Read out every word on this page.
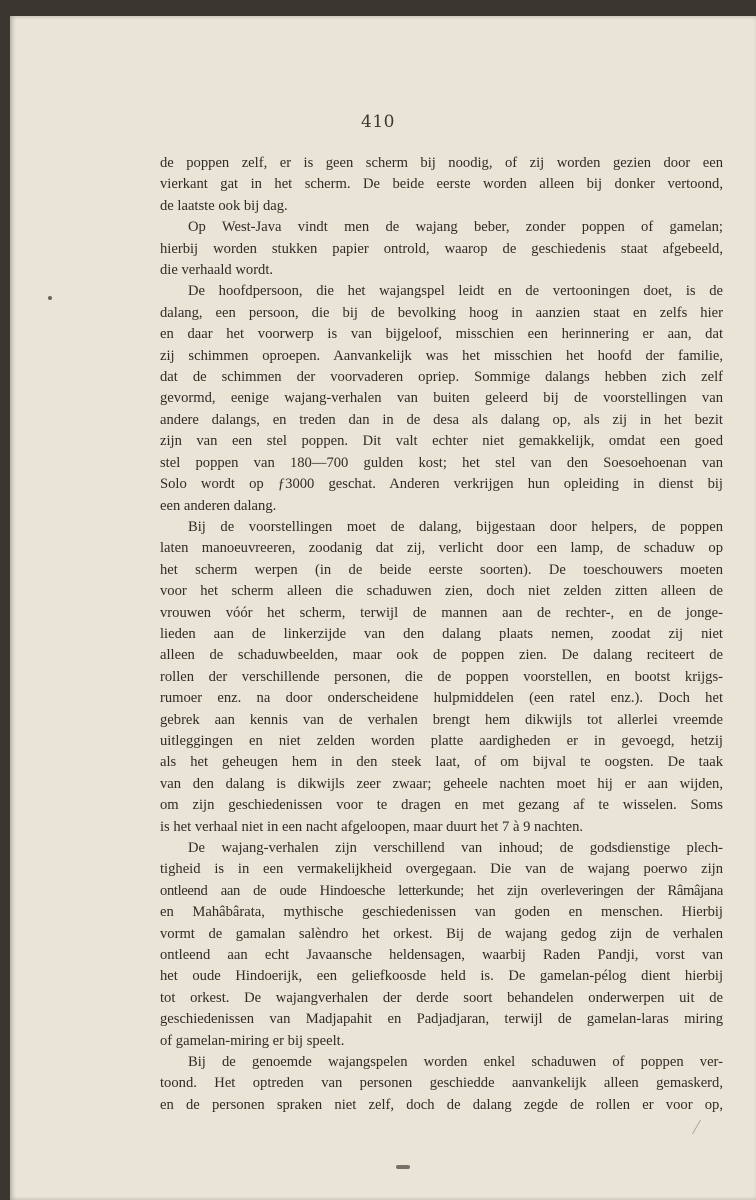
410

de poppen zelf, er is geen scherm bij noodig, of zij worden gezien door een
vierkant gat in het scherm. De beide eerste worden alleen bij donker vertoond,
de laatste ook bij dag.

Op West-Java vindt men de wajang beber, zonder poppen of gamelan;
hierbij worden stukken papier ontrold, waarop de geschiedenis staat afgebeeld,
die verhaald wordt.

De hoofdpersoon, die het wajangspel leidt en de vertooningen doet, is de
dalang, een persoon, die bij de bevolking hoog in aanzien staat en zelfs hier
en daar het voorwerp is van bijgeloof, misschien een herinnering er aan, dat
zij schimmen oproepen. Aanvankelijk was het misschien het hoofd der familie,
dat de schimmen der voorvaderen opriep. Sommige dalangs hebben zich zelf
gevormd, eenige wajang-verhalen van buiten geleerd bij de voorstellingen van
andere dalangs, en treden dan in de desa als dalang op, als zij in het bezit
zijn van een stel poppen. Dit valt echter niet gemakkelijk, omdat een goed
stel poppen van 180—700 gulden kost; het stel van den Soesoehoenan van
Solo wordt op ƒ3000 geschat. Anderen verkrijgen hun opleiding in dienst bij
een anderen dalang.

Bij de voorstellingen moet de dalang, bijgestaan door helpers, de poppen
laten manoeuvreeren, zoodanig dat zij, verlicht door een lamp, de schaduw op
het scherm werpen (in de beide eerste soorten). De toeschouwers moeten
voor het scherm alleen die schaduwen zien, doch niet zelden zitten alleen de
vrouwen vóór het scherm, terwijl de mannen aan de rechter-, en de jonge-
lieden aan de linkerzijde van den dalang plaats nemen, zoodat zij niet
alleen de schaduwbeelden, maar ook de poppen zien. De dalang reciteert de
rollen der verschillende personen, die de poppen voorstellen, en bootst krijgs-
rumoer enz. na door onderscheidene hulpmiddelen (een ratel enz.). Doch het
gebrek aan kennis van de verhalen brengt hem dikwijls tot allerlei vreemde
uitleggingen en niet zelden worden platte aardigheden er in gevoegd, hetzij
als het geheugen hem in den steek laat, of om bijval te oogsten. De taak
van den dalang is dikwijls zeer zwaar; geheele nachten moet hij er aan wijden,
om zijn geschiedenissen voor te dragen en met gezang af te wisselen. Soms
is het verhaal niet in een nacht afgeloopen, maar duurt het 7 à 9 nachten.

De wajang-verhalen zijn verschillend van inhoud; de godsdienstige plech-
tigheid is in een vermakelijkheid overgegaan. Die van de wajang poerwo zijn
ontleend aan de oude Hindoesche letterkunde; het zijn overleveringen der Râmâjana
en Mahâbârata, mythische geschiedenissen van goden en menschen. Hierbij
vormt de gamalan salèndro het orkest. Bij de wajang gedog zijn de verhalen
ontleend aan echt Javaansche heldensagen, waarbij Raden Pandji, vorst van
het oude Hindoerijk, een geliefkoosde held is. De gamelan-pélog dient hierbij
tot orkest. De wajangverhalen der derde soort behandelen onderwerpen uit de
geschiedenissen van Madjapahit en Padjadjaran, terwijl de gamelan-laras miring
of gamelan-miring er bij speelt.

Bij de genoemde wajangspelen worden enkel schaduwen of poppen ver-
toond. Het optreden van personen geschiedde aanvankelijk alleen gemaskerd,
en de personen spraken niet zelf, doch de dalang zegde de rollen er voor op,
